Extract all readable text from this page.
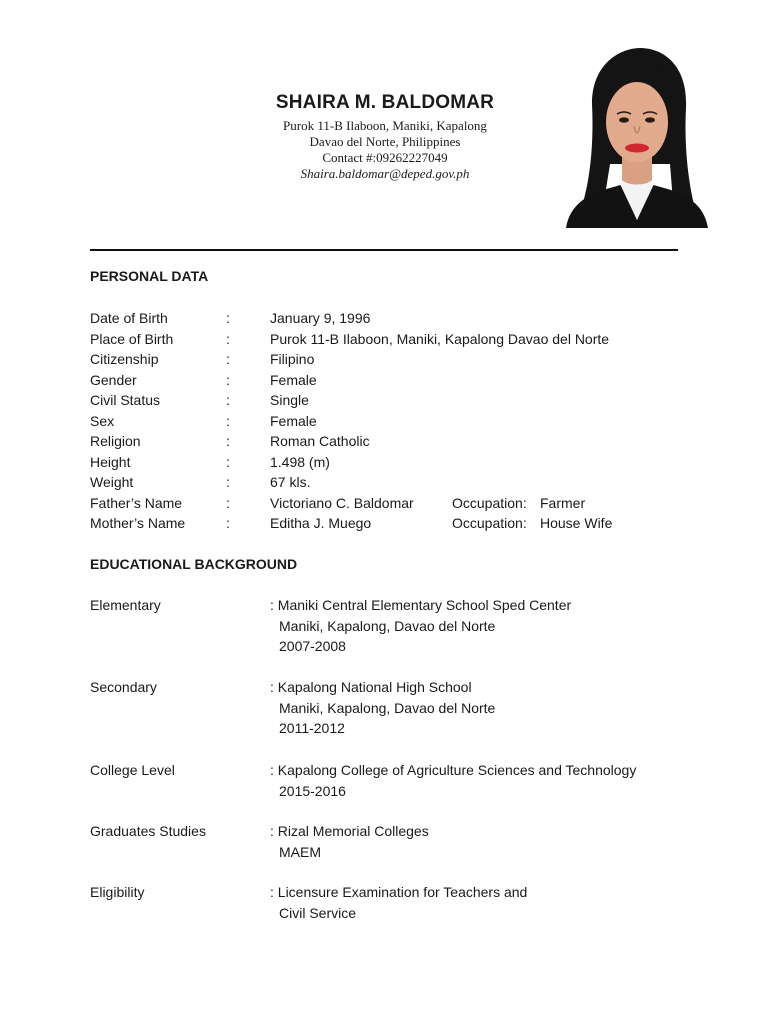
SHAIRA M. BALDOMAR
Purok 11-B Ilaboon, Maniki, Kapalong
Davao del Norte, Philippines
Contact #:09262227049
Shaira.baldomar@deped.gov.ph
PERSONAL DATA
Date of Birth	:	January 9, 1996
Place of Birth	:	Purok 11-B Ilaboon, Maniki, Kapalong Davao del Norte
Citizenship	:	Filipino
Gender	:	Female
Civil Status	:	Single
Sex	:	Female
Religion	:	Roman Catholic
Height	:	1.498 (m)
Weight	:	67 kls.
Father’s Name	:	Victoriano C. Baldomar	Occupation: Farmer
Mother’s Name	:	Editha J. Muego	Occupation: House Wife
EDUCATIONAL BACKGROUND
Elementary	: Maniki Central Elementary School Sped Center
Maniki, Kapalong, Davao del Norte
2007-2008
Secondary	: Kapalong National High School
Maniki, Kapalong, Davao del Norte
2011-2012
College Level	: Kapalong College of Agriculture Sciences and Technology
2015-2016
Graduates Studies	: Rizal Memorial Colleges
MAEM
Eligibility	: Licensure Examination for Teachers and
Civil Service
